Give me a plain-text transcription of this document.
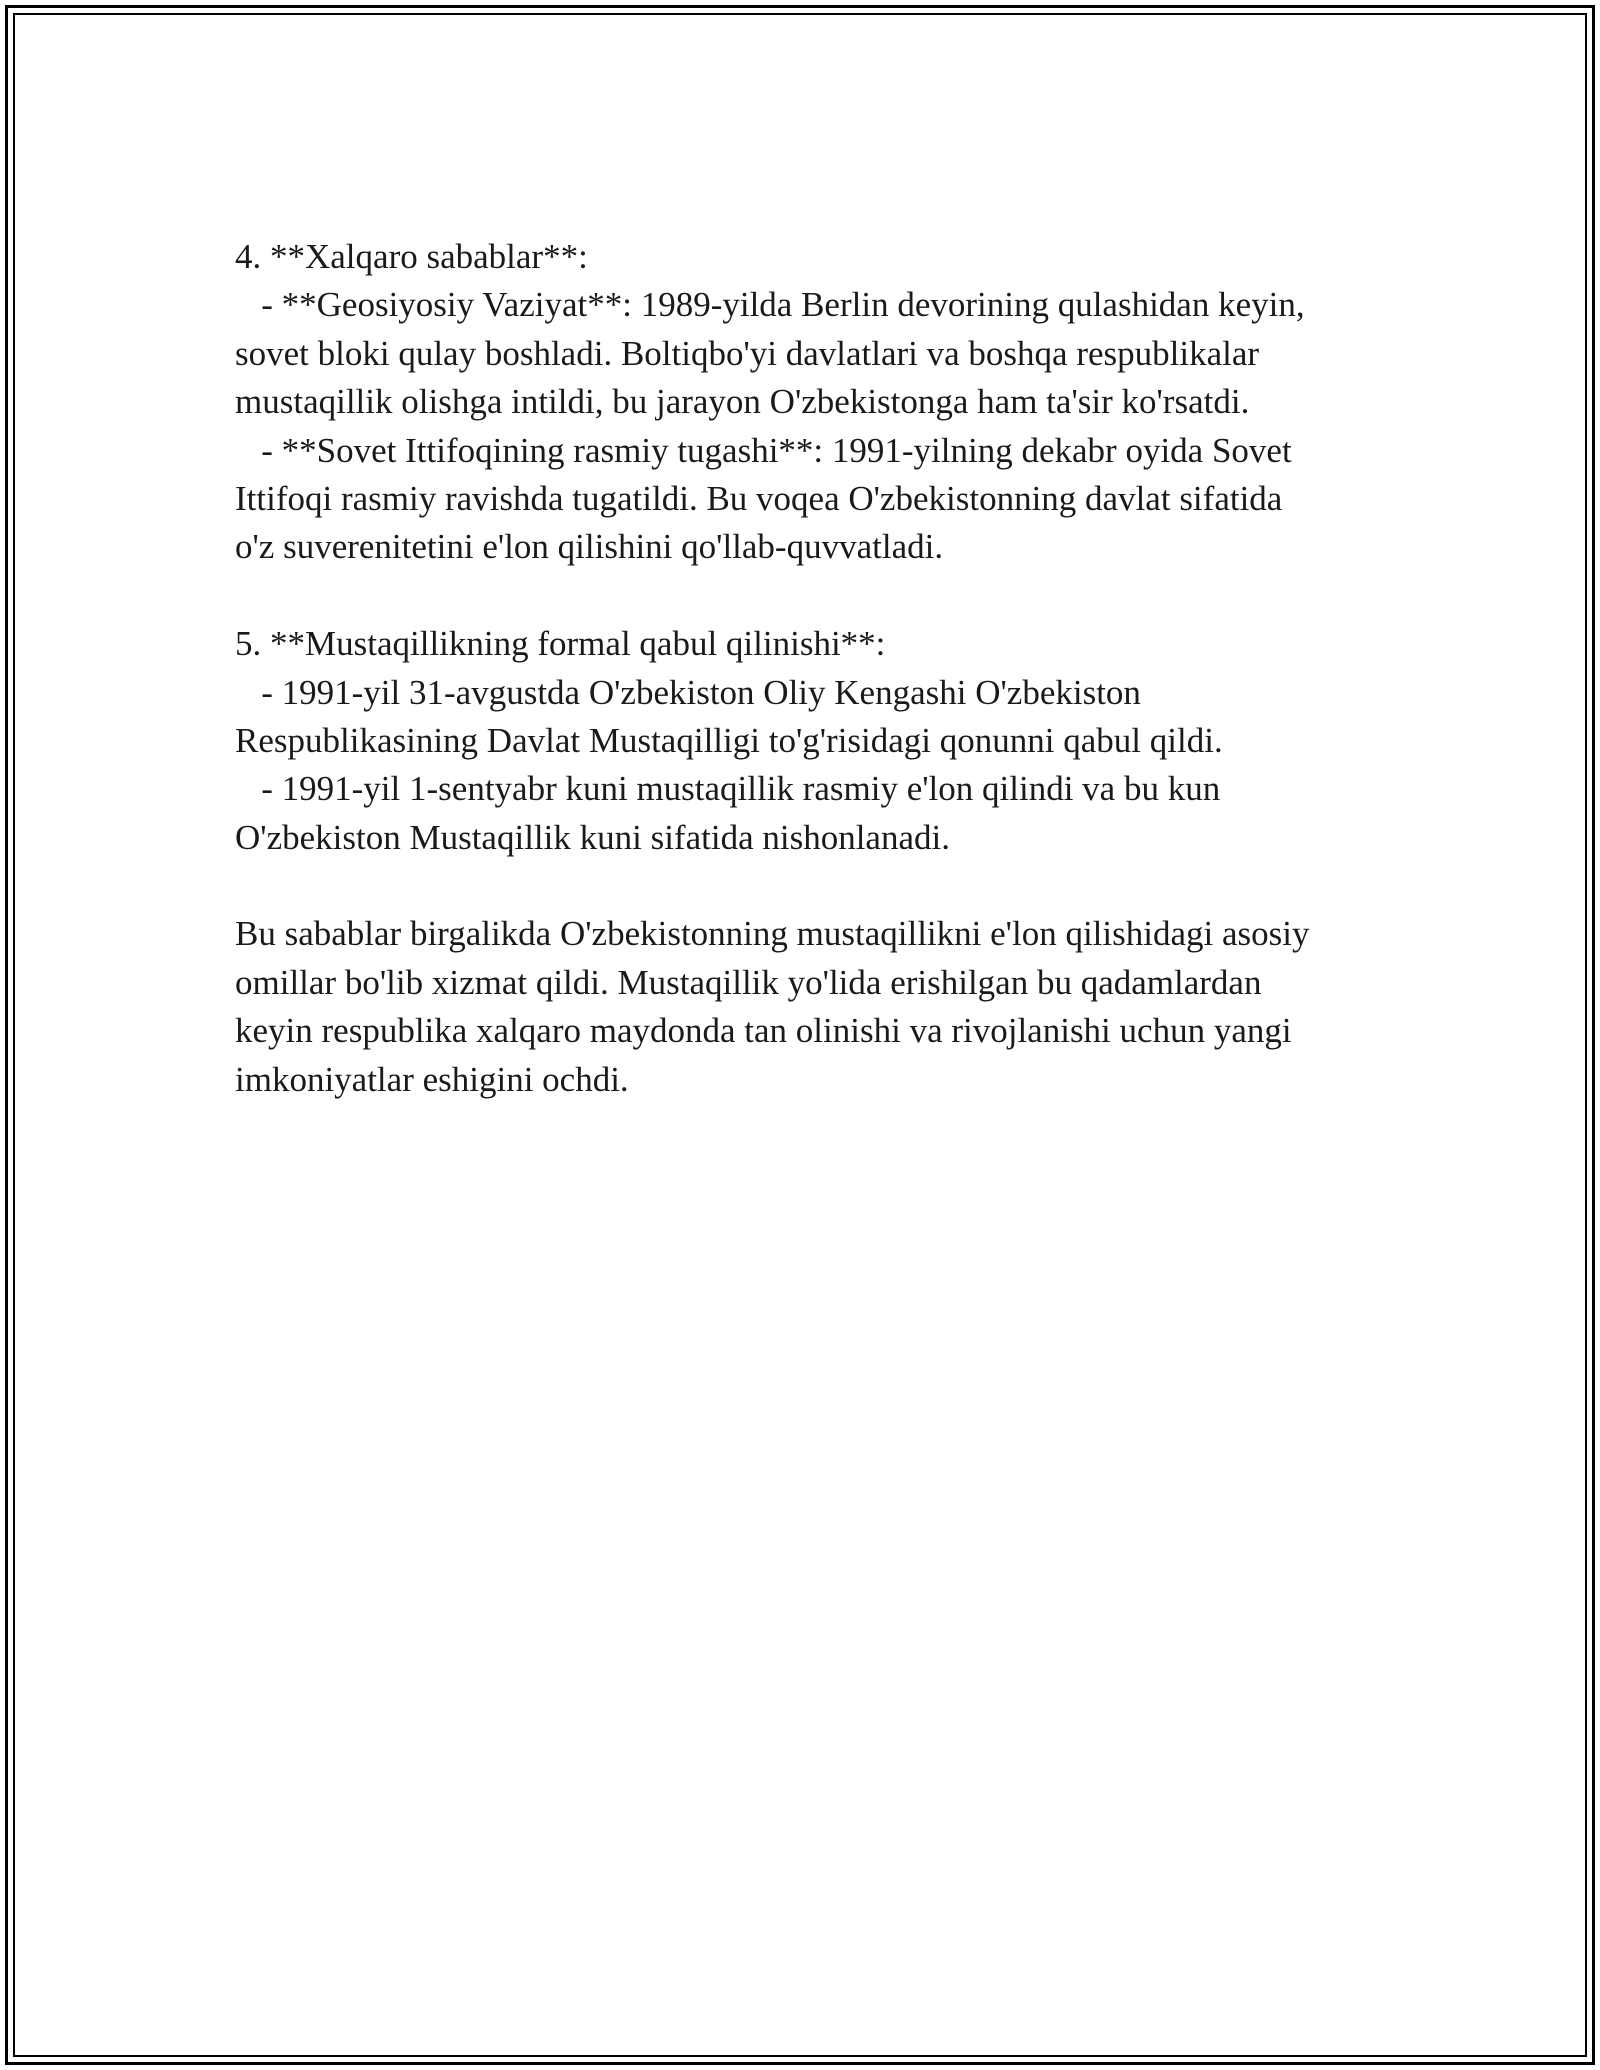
4. **Xalqaro sabablar**:
- **Geosiyosiy Vaziyat**: 1989-yilda Berlin devorining qulashidan keyin,
sovet bloki qulay boshladi. Boltiqbo'yi davlatlari va boshqa respublikalar
mustaqillik olishga intildi, bu jarayon O'zbekistonga ham ta'sir ko'rsatdi.
- **Sovet Ittifoqining rasmiy tugashi**: 1991-yilning dekabr oyida Sovet
Ittifoqi rasmiy ravishda tugatildi. Bu voqea O'zbekistonning davlat sifatida
o'z suverenitetini e'lon qilishini qo'llab-quvvatladi.
5. **Mustaqillikning formal qabul qilinishi**:
- 1991-yil 31-avgustda O'zbekiston Oliy Kengashi O'zbekiston
Respublikasining Davlat Mustaqilligi to'g'risidagi qonunni qabul qildi.
- 1991-yil 1-sentyabr kuni mustaqillik rasmiy e'lon qilindi va bu kun
O'zbekiston Mustaqillik kuni sifatida nishonlanadi.
Bu sabablar birgalikda O'zbekistonning mustaqillikni e'lon qilishidagi asosiy
omillar bo'lib xizmat qildi. Mustaqillik yo'lida erishilgan bu qadamlardan
keyin respublika xalqaro maydonda tan olinishi va rivojlanishi uchun yangi
imkoniyatlar eshigini ochdi.
